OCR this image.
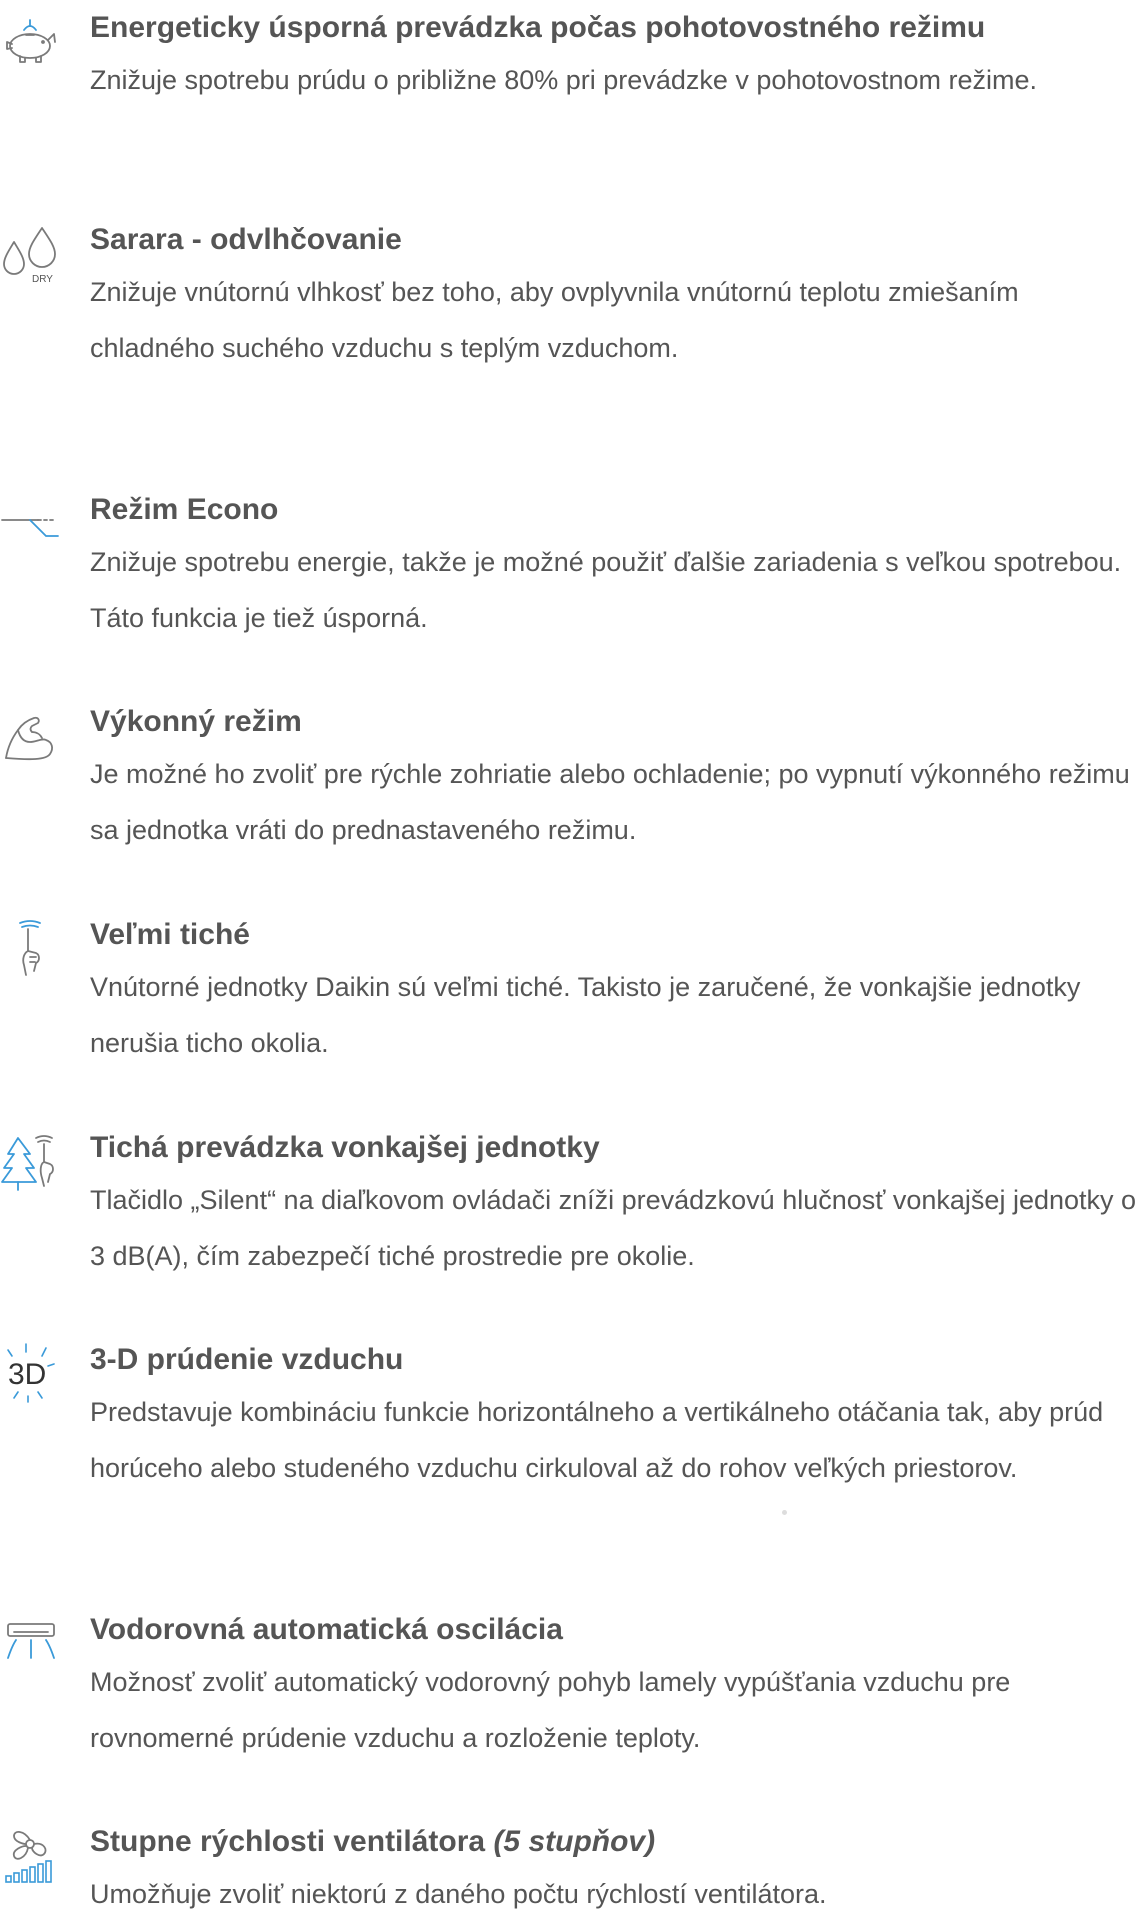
Energeticky úsporná prevádzka počas pohotovostného režimu

Znižuje spotrebu prúdu o približne 80% pri prevádzke v pohotovostnom režime.

DRY
Sarara - odvlhčovanie

Znižuje vnútornú vlhkosť bez toho, aby ovplyvnila vnútornú teplotu zmiešaním chladného suchého vzduchu s teplým vzduchom.

Režim Econo

Znižuje spotrebu energie, takže je možné použiť ďalšie zariadenia s veľkou spotrebou. Táto funkcia je tiež úsporná.

Výkonný režim

Je možné ho zvoliť pre rýchle zohriatie alebo ochladenie; po vypnutí výkonného režimu sa jednotka vráti do prednastaveného režimu.

Veľmi tiché

Vnútorné jednotky Daikin sú veľmi tiché. Takisto je zaručené, že vonkajšie jednotky nerušia ticho okolia.

Tichá prevádzka vonkajšej jednotky

Tlačidlo „Silent“ na diaľkovom ovládači zníži prevádzkovú hlučnosť vonkajšej jednotky o 3 dB(A), čím zabezpečí tiché prostredie pre okolie.

3D 3-D prúdenie vzduchu

Predstavuje kombináciu funkcie horizontálneho a vertikálneho otáčania tak, aby prúd horúceho alebo studeného vzduchu cirkuloval až do rohov veľkých priestorov.

Vodorovná automatická oscilácia

Možnosť zvoliť automatický vodorovný pohyb lamely vypúšťania vzduchu pre rovnomerné prúdenie vzduchu a rozloženie teploty.

Stupne rýchlosti ventilátora (5 stupňov)

Umožňuje zvoliť niektorú z daného počtu rýchlostí ventilátora.
